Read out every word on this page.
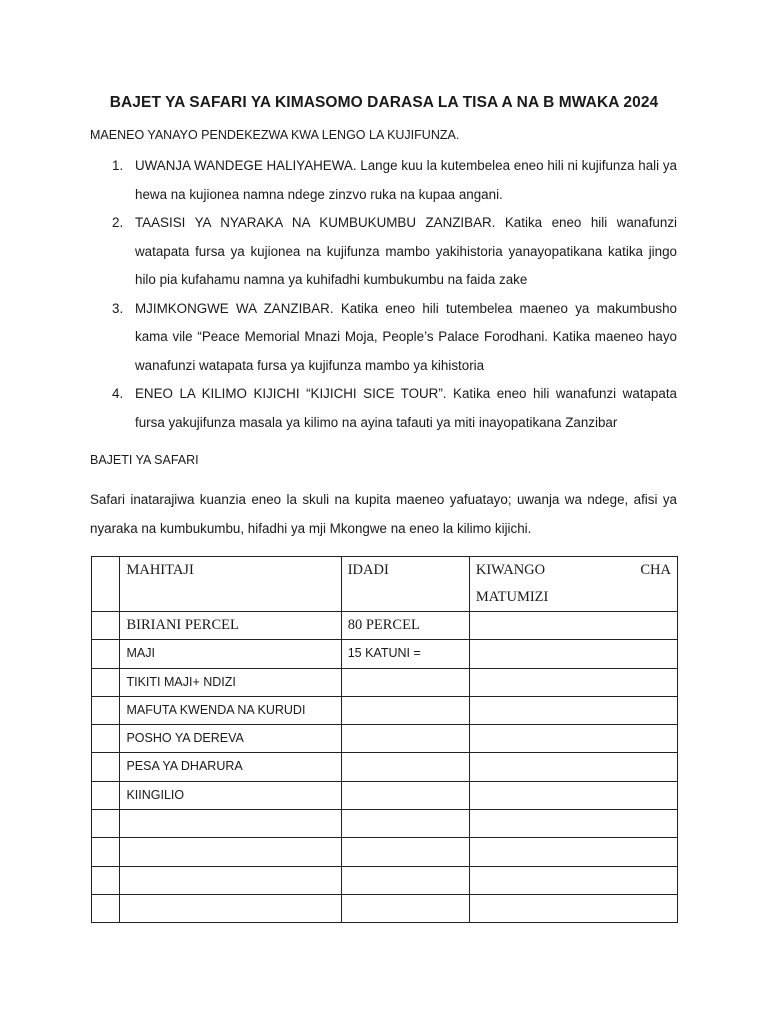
BAJET YA SAFARI YA KIMASOMO DARASA LA TISA A NA B MWAKA 2024
MAENEO YANAYO PENDEKEZWA KWA LENGO LA KUJIFUNZA.
1. UWANJA WANDEGE HALIYAHEWA. Lange kuu la kutembelea eneo hili ni kujifunza hali ya hewa na kujionea namna ndege zinzvo ruka na kupaa angani.
2. TAASISI YA NYARAKA NA KUMBUKUMBU ZANZIBAR. Katika eneo hili wanafunzi watapata fursa ya kujionea na kujifunza mambo yakihistoria yanayopatikana katika jingo hilo pia kufahamu namna ya kuhifadhi kumbukumbu na faida zake
3. MJIMKONGWE WA ZANZIBAR. Katika eneo hili tutembelea maeneo ya makumbusho kama vile “Peace Memorial Mnazi Moja, People’s Palace Forodhani. Katika maeneo hayo wanafunzi watapata fursa ya kujifunza mambo ya kihistoria
4. ENEO LA KILIMO KIJICHI “KIJICHI SICE TOUR”. Katika eneo hili wanafunzi watapata fursa yakujifunza masala ya kilimo na ayina tafauti ya miti inayopatikana Zanzibar
BAJETI YA SAFARI
Safari inatarajiwa kuanzia eneo la skuli na kupita maeneo yafuatayo; uwanja wa ndege, afisi ya nyaraka na kumbukumbu, hifadhi ya mji Mkongwe na eneo la kilimo kijichi.
	MAHITAJI	IDADI	KIWANGO CHA
MATUMIZI

	BIRIANI PERCEL	80 PERCEL	
	MAJI	15 KATUNI =	
	TIKITI MAJI+ NDIZI		
	MAFUTA KWENDA NA KURUDI		
	POSHO YA DEREVA		
	PESA YA DHARURA		
	KIINGILIO		
